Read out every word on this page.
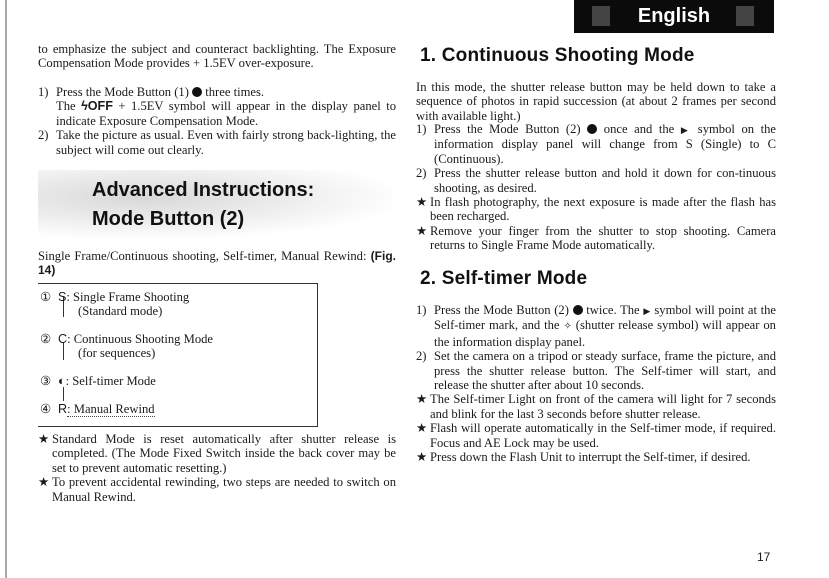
English

to emphasize the subject and counteract backlighting. The Exposure Compensation Mode provides + 1.5EV over-exposure.

1) Press the Mode Button (1) three times.
The ϟOFF + 1.5EV symbol will appear in the display panel to indicate Exposure Compensation Mode.
2) Take the picture as usual. Even with fairly strong back-lighting, the subject will come out clearly.
Advanced Instructions:
Mode Button (2)

Single Frame/Continuous shooting, Self-timer, Manual Rewind: (Fig. 14)

① S : Single Frame Shooting
(Standard mode)
② C : Continuous Shooting Mode
(for sequences)
③ ◐ : Self-timer Mode
④ R : Manual Rewind
★ Standard Mode is reset automatically after shutter release is completed. (The Mode Fixed Switch inside the back cover may be set to prevent automatic resetting.)
★ To prevent accidental rewinding, two steps are needed to switch on Manual Rewind.
1. Continuous Shooting Mode

In this mode, the shutter release button may be held down to take a sequence of photos in rapid succession (at about 2 frames per second with available light.)

1) Press the Mode Button (2) once and the ▶ symbol on the information display panel will change from S (Single) to C (Continuous).
2) Press the shutter release button and hold it down for con-tinuous shooting, as desired.
★ In flash photography, the next exposure is made after the flash has been recharged.
★ Remove your finger from the shutter to stop shooting. Camera returns to Single Frame Mode automatically.
2. Self-timer Mode
1) Press the Mode Button (2) twice. The ▶ symbol will point at the Self-timer mark, and the ✧ (shutter release symbol) will appear on the information display panel.
2) Set the camera on a tripod or steady surface, frame the picture, and press the shutter release button. The Self-timer will start, and release the shutter after about 10 seconds.
★ The Self-timer Light on front of the camera will light for 7 seconds and blink for the last 3 seconds before shutter release.
★ Flash will operate automatically in the Self-timer mode, if required. Focus and AE Lock may be used.
★ Press down the Flash Unit to interrupt the Self-timer, if desired.
17
